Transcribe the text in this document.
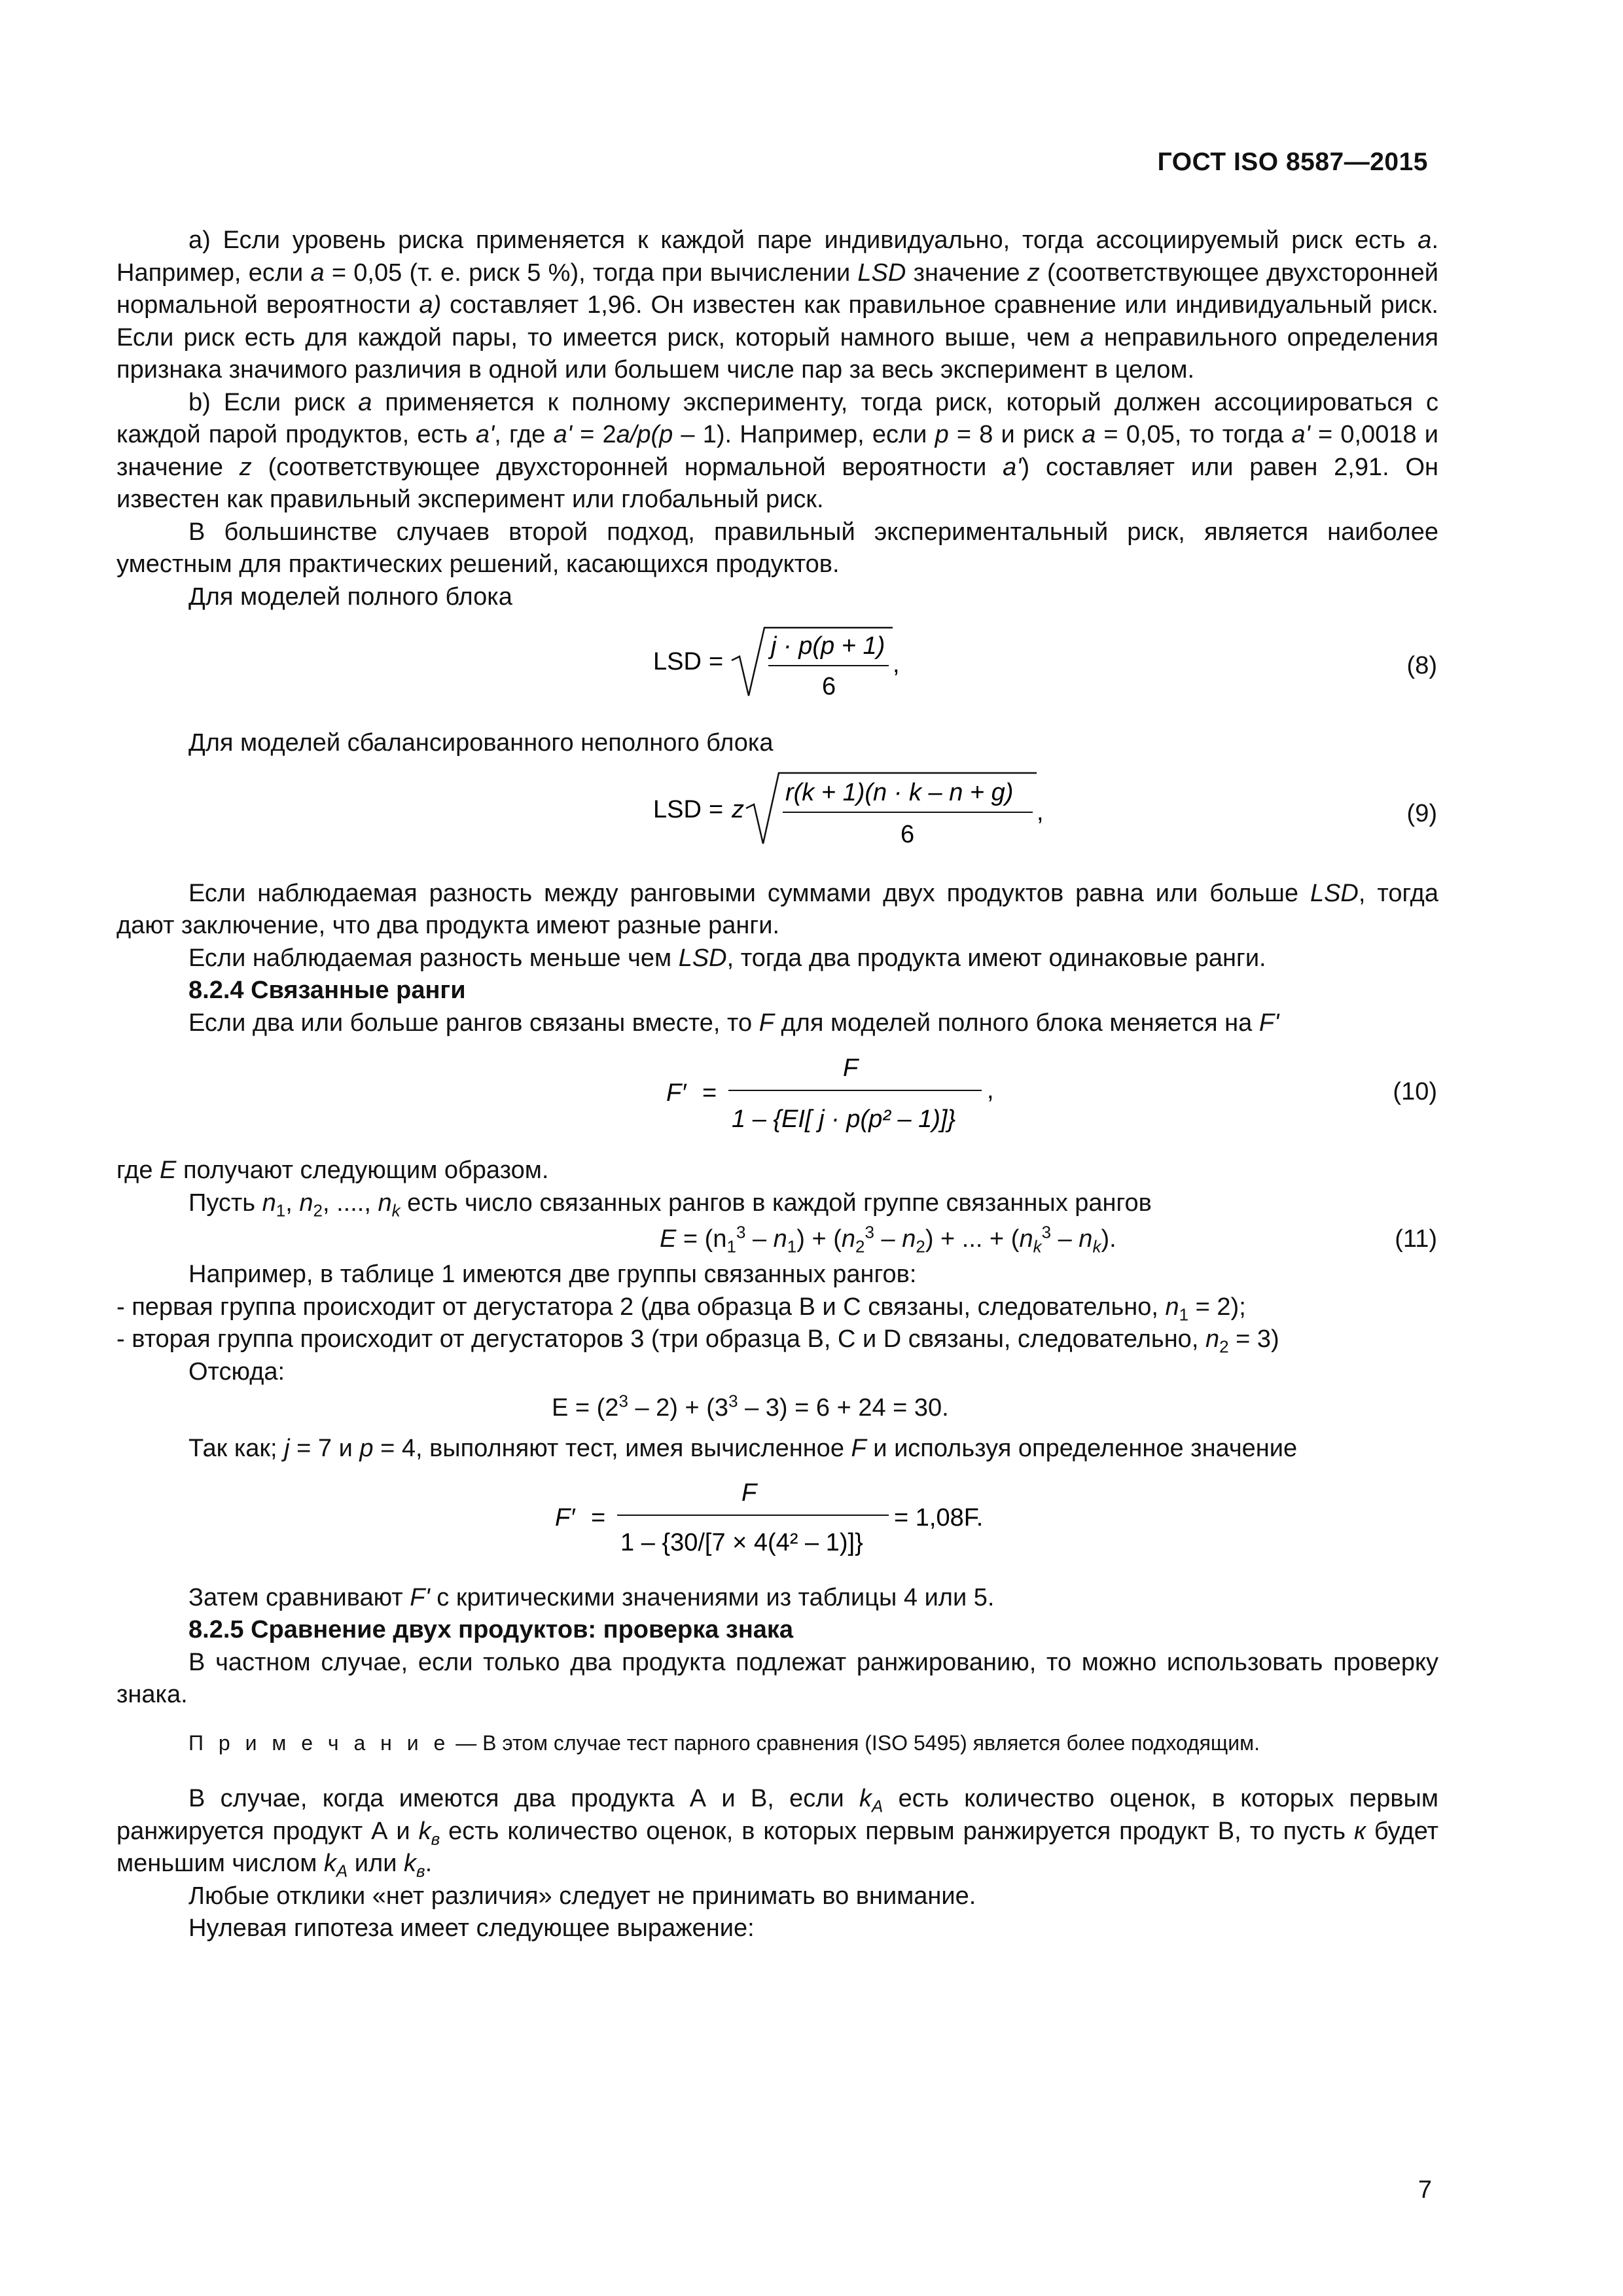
ГОСТ ISO 8587—2015

а) Если уровень риска применяется к каждой паре индивидуально, тогда ассоциируемый риск есть a. Например, если a = 0,05 (т. е. риск 5 %), тогда при вычислении LSD значение z (соответствующее двухсторонней нормальной вероятности a) составляет 1,96. Он известен как правильное сравнение или индивидуальный риск. Если риск есть для каждой пары, то имеется риск, который намного выше, чем a неправильного определения признака значимого различия в одной или большем числе пар за весь эксперимент в целом.

b) Если риск a применяется к полному эксперименту, тогда риск, который должен ассоциироваться с каждой парой продуктов, есть a', где a' = 2a/p(p – 1). Например, если p = 8 и риск a = 0,05, то тогда a' = 0,0018 и значение z (соответствующее двухсторонней нормальной вероятности a') составляет или равен 2,91. Он известен как правильный эксперимент или глобальный риск.

В большинстве случаев второй подход, правильный экспериментальный риск, является наиболее уместным для практических решений, касающихся продуктов.

Для моделей полного блока

LSD =
j · p(p + 1)
6
,	(8)

Для моделей сбалансированного неполного блока

LSD = z
r(k + 1)(n · k – n + g)
6
,	(9)

Если наблюдаемая разность между ранговыми суммами двух продуктов равна или больше LSD, тогда дают заключение, что два продукта имеют разные ранги.

Если наблюдаемая разность меньше чем LSD, тогда два продукта имеют одинаковые ранги.

8.2.4 Связанные ранги

Если два или больше рангов связаны вместе, то F для моделей полного блока меняется на F'

F′ =
F
1 – {EI[ j · p(p² – 1)]}
,	(10)

где E получают следующим образом.

Пусть $n_1$, $n_2$, ...., $n_k$ есть число связанных рангов в каждой группе связанных рангов

$E = (n_1^3 - n_1) + (n_2^3 - n_2)$ + ... + $(n_k^3 - n_k)$.	(11)

Например, в таблице 1 имеются две группы связанных рангов:

- первая группа происходит от дегустатора 2 (два образца В и С связаны, следовательно, $n_1 = 2$);

- вторая группа происходит от дегустаторов 3 (три образца В, С и D связаны, следовательно, $n_2 = 3$)

Отсюда:

$E = (2^3 - 2) + (3^3 - 3) = 6 + 24 = 30$.

Так как; j = 7 и p = 4, выполняют тест, имея вычисленное F и используя определенное значение

F′ =
F
1 – {30/[7 × 4(4² – 1)]}
= 1,08F.

Затем сравнивают F' с критическими значениями из таблицы 4 или 5.

8.2.5 Сравнение двух продуктов: проверка знака

В частном случае, если только два продукта подлежат ранжированию, то можно использовать проверку знака.

П р и м е ч а н и е — В этом случае тест парного сравнения (ISO 5495) является более подходящим.

В случае, когда имеются два продукта А и В, если $k_A$ есть количество оценок, в которых первым ранжируется продукт А и $k_в$ есть количество оценок, в которых первым ранжируется продукт В, то пусть к будет меньшим числом $k_A$ или $k_в$.

Любые отклики «нет различия» следует не принимать во внимание.

Нулевая гипотеза имеет следующее выражение:

7
